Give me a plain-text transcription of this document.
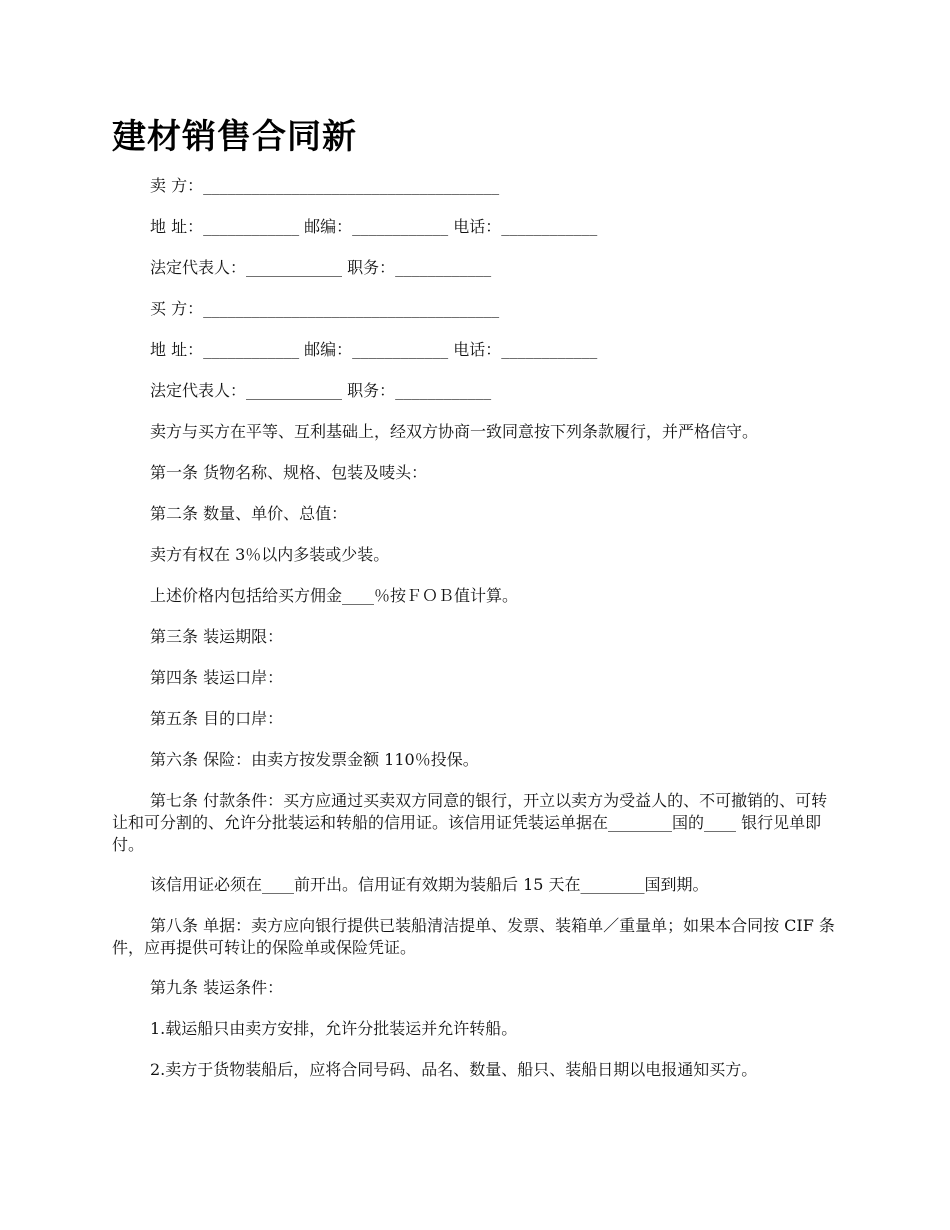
建材销售合同新

卖 方：_____________________________________

地 址：____________ 邮编：____________ 电话：____________

法定代表人：____________ 职务：____________

买 方：_____________________________________

地 址：____________ 邮编：____________ 电话：____________

法定代表人：____________ 职务：____________

卖方与买方在平等、互利基础上，经双方协商一致同意按下列条款履行，并严格信守。

第一条 货物名称、规格、包装及唛头：

第二条 数量、单价、总值：

卖方有权在 3％以内多装或少装。

上述价格内包括给买方佣金____％按ＦＯＢ值计算。

第三条 装运期限：

第四条 装运口岸：

第五条 目的口岸：

第六条 保险：由卖方按发票金额 110％投保。

第七条 付款条件：买方应通过买卖双方同意的银行，开立以卖方为受益人的、不可撤销的、可转让和可分割的、允许分批装运和转船的信用证。该信用证凭装运单据在________国的____ 银行见单即付。

该信用证必须在____前开出。信用证有效期为装船后 15 天在________国到期。

第八条 单据：卖方应向银行提供已装船清洁提单、发票、装箱单／重量单；如果本合同按 CIF 条件，应再提供可转让的保险单或保险凭证。

第九条 装运条件：

1.载运船只由卖方安排，允许分批装运并允许转船。

2.卖方于货物装船后，应将合同号码、品名、数量、船只、装船日期以电报通知买方。
